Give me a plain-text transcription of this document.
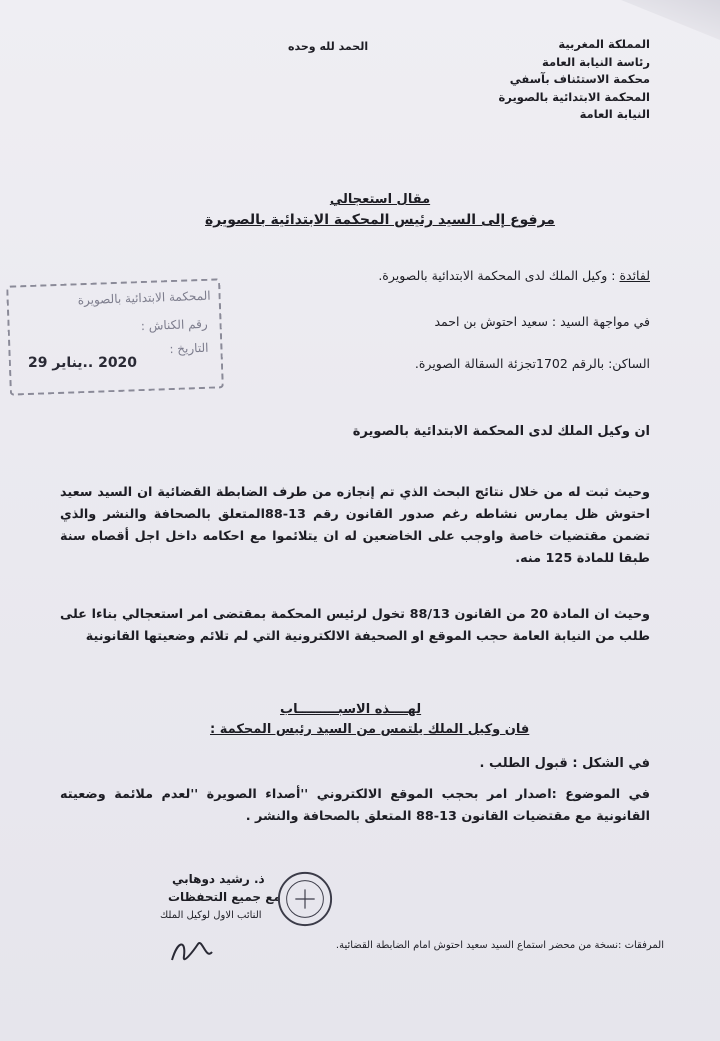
المملكة المغربية
رئاسة النيابة العامة
محكمة الاستئناف بآسفي
المحكمة الابتدائية بالصويرة
النيابة العامة
الحمد لله وحده
مقال استعجالي
مرفوع إلى السيد رئيس المحكمة الابتدائية بالصويرة
لفائدة : وكيل الملك لدى المحكمة الابتدائية بالصويرة.
في مواجهة السيد : سعيد احتوش بن احمد
الساكن: بالرقم 1702تجزئة السقالة الصويرة.
المحكمة الابتدائية بالصويرة
رقم الكناش :
التاريخ :
2020 ..يناير 29
ان وكيل الملك لدى المحكمة الابتدائية بالصويرة
وحيث ثبت له من خلال نتائج البحث الذي تم إنجازه من طرف الضابطة القضائية ان السيد سعيد احتوش ظل يمارس نشاطه رغم صدور القانون رقم 13-88المتعلق بالصحافة والنشر والذي تضمن مقتضيات خاصة واوجب على الخاضعين له ان يتلائموا مع احكامه داخل اجل أقصاه سنة طبقا للمادة 125 منه.
وحيث ان المادة 20 من القانون 88/13 تخول لرئيس المحكمة بمقتضى امر استعجالي بناءا على طلب من النيابة العامة حجب الموقع او الصحيفة الالكترونية التي لم تلائم وضعيتها القانونية
لهــــذه الاسبـــــــــاب
فان وكيل الملك يلتمس من السيد رئيس المحكمة :
في الشكل : قبول الطلب .
في الموضوع :اصدار امر بحجب الموقع الالكتروني ''أصداء الصويرة ''لعدم ملائمة وضعيته القانونية مع مقتضيات القانون 13-88 المتعلق بالصحافة والنشر .
ذ. رشيد دوهابي
مع جميع التحفظات
النائب الاول لوكيل الملك
المرفقات :نسخة من محضر استماع السيد سعيد احتوش امام الضابطة القضائية.
